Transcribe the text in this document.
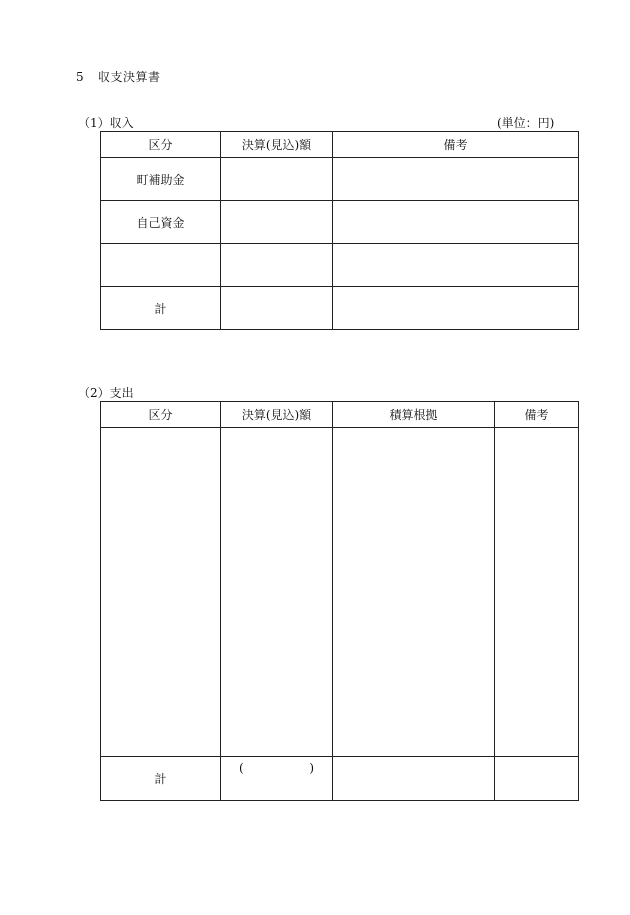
5 収支決算書
（1）収入	(単位：円)
区分	決算(見込)額	備考
町補助金		
自己資金		

計		
（2）支出
区分	決算(見込)額	積算根拠	備考

計	( )		
